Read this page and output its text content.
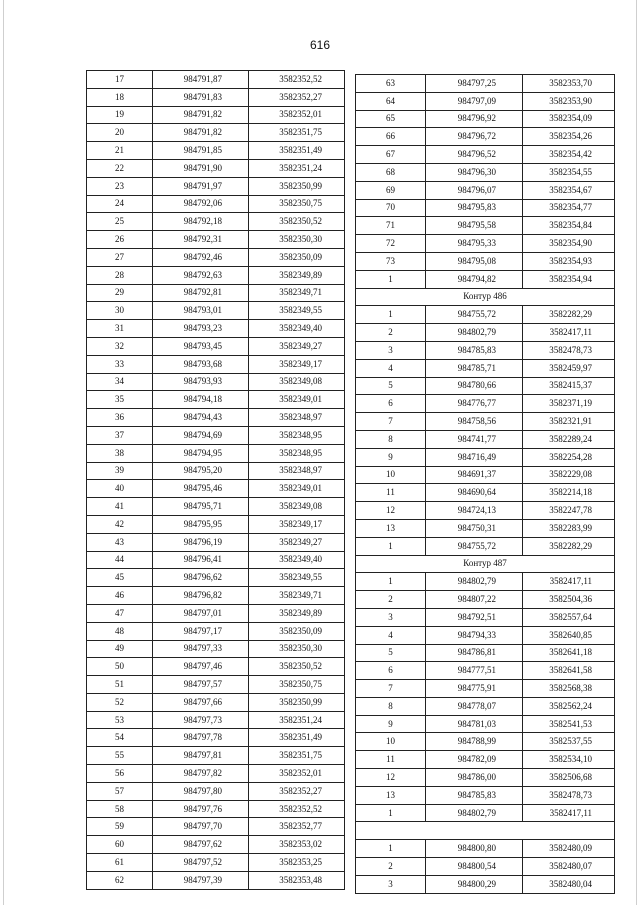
616
17	984791,87	3582352,52
18	984791,83	3582352,27
19	984791,82	3582352,01
20	984791,82	3582351,75
21	984791,85	3582351,49
22	984791,90	3582351,24
23	984791,97	3582350,99
24	984792,06	3582350,75
25	984792,18	3582350,52
26	984792,31	3582350,30
27	984792,46	3582350,09
28	984792,63	3582349,89
29	984792,81	3582349,71
30	984793,01	3582349,55
31	984793,23	3582349,40
32	984793,45	3582349,27
33	984793,68	3582349,17
34	984793,93	3582349,08
35	984794,18	3582349,01
36	984794,43	3582348,97
37	984794,69	3582348,95
38	984794,95	3582348,95
39	984795,20	3582348,97
40	984795,46	3582349,01
41	984795,71	3582349,08
42	984795,95	3582349,17
43	984796,19	3582349,27
44	984796,41	3582349,40
45	984796,62	3582349,55
46	984796,82	3582349,71
47	984797,01	3582349,89
48	984797,17	3582350,09
49	984797,33	3582350,30
50	984797,46	3582350,52
51	984797,57	3582350,75
52	984797,66	3582350,99
53	984797,73	3582351,24
54	984797,78	3582351,49
55	984797,81	3582351,75
56	984797,82	3582352,01
57	984797,80	3582352,27
58	984797,76	3582352,52
59	984797,70	3582352,77
60	984797,62	3582353,02
61	984797,52	3582353,25
62	984797,39	3582353,48
63	984797,25	3582353,70
64	984797,09	3582353,90
65	984796,92	3582354,09
66	984796,72	3582354,26
67	984796,52	3582354,42
68	984796,30	3582354,55
69	984796,07	3582354,67
70	984795,83	3582354,77
71	984795,58	3582354,84
72	984795,33	3582354,90
73	984795,08	3582354,93
1	984794,82	3582354,94
Контур 486		
1	984755,72	3582282,29
2	984802,79	3582417,11
3	984785,83	3582478,73
4	984785,71	3582459,97
5	984780,66	3582415,37
6	984776,77	3582371,19
7	984758,56	3582321,91
8	984741,77	3582289,24
9	984716,49	3582254,28
10	984691,37	3582229,08
11	984690,64	3582214,18
12	984724,13	3582247,78
13	984750,31	3582283,99
1	984755,72	3582282,29
Контур 487		
1	984802,79	3582417,11
2	984807,22	3582504,36
3	984792,51	3582557,64
4	984794,33	3582640,85
5	984786,81	3582641,18
6	984777,51	3582641,58
7	984775,91	3582568,38
8	984778,07	3582562,24
9	984781,03	3582541,53
10	984788,99	3582537,55
11	984782,09	3582534,10
12	984786,00	3582506,68
13	984785,83	3582478,73
1	984802,79	3582417,11

1	984800,80	3582480,09
2	984800,54	3582480,07
3	984800,29	3582480,04
